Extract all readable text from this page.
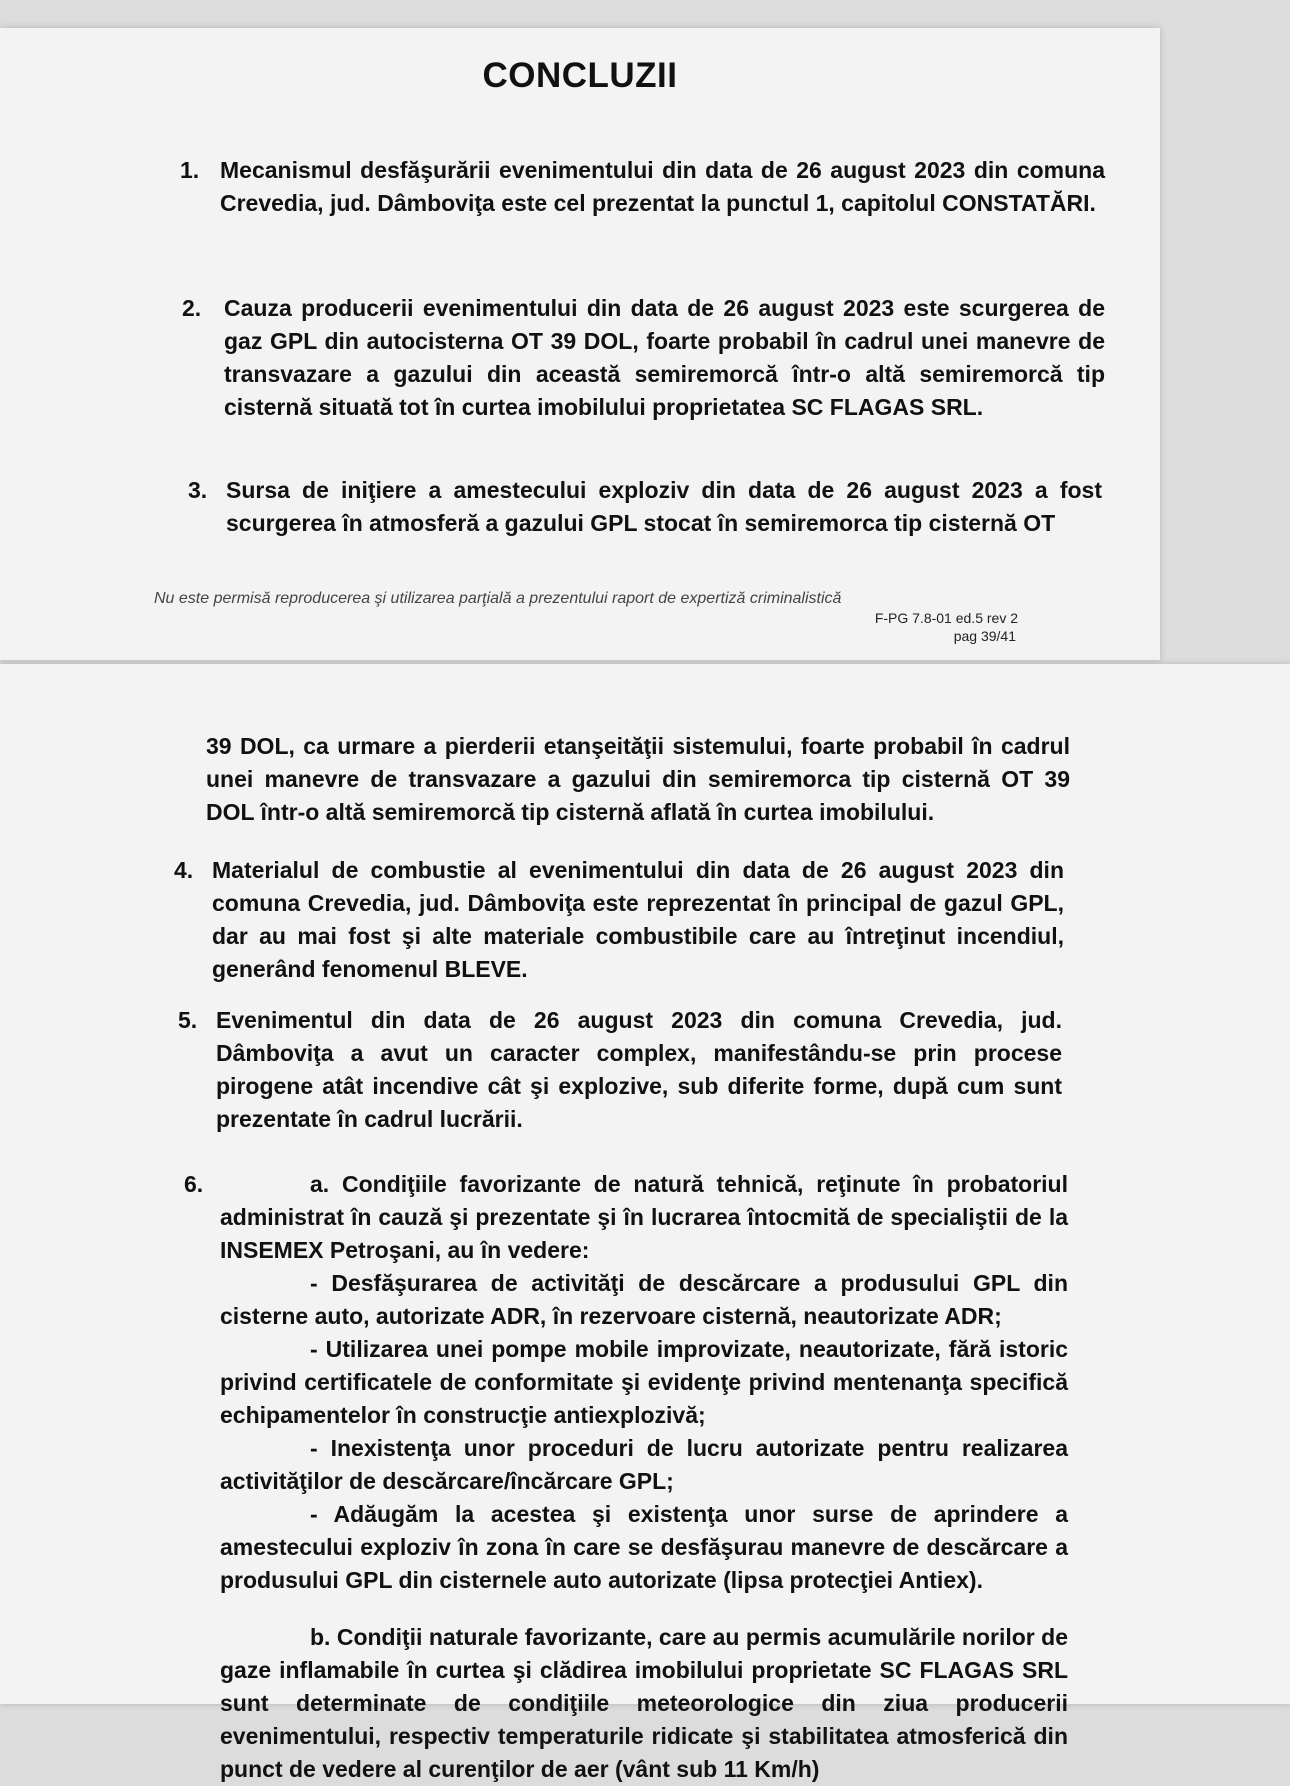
CONCLUZII
1. Mecanismul desfăşurării evenimentului din data de 26 august 2023 din comuna Crevedia, jud. Dâmboviţa este cel prezentat la punctul 1, capitolul CONSTATĂRI.
2. Cauza producerii evenimentului din data de 26 august 2023 este scurgerea de gaz GPL din autocisterna OT 39 DOL, foarte probabil în cadrul unei manevre de transvazare a gazului din această semiremorcă într-o altă semiremorcă tip cisternă situată tot în curtea imobilului proprietatea SC FLAGAS SRL.
3. Sursa de iniţiere a amestecului exploziv din data de 26 august 2023 a fost scurgerea în atmosferă a gazului GPL stocat în semiremorca tip cisternă OT
Nu este permisă reproducerea şi utilizarea parţială a prezentului raport de expertiză criminalistică
F-PG 7.8-01 ed.5 rev 2
pag 39/41
39 DOL, ca urmare a pierderii etanşeităţii sistemului, foarte probabil în cadrul unei manevre de transvazare a gazului din semiremorca tip cisternă OT 39 DOL într-o altă semiremorcă tip cisternă aflată în curtea imobilului.
4. Materialul de combustie al evenimentului din data de 26 august 2023 din comuna Crevedia, jud. Dâmboviţa este reprezentat în principal de gazul GPL, dar au mai fost şi alte materiale combustibile care au întreţinut incendiul, generând fenomenul BLEVE.
5. Evenimentul din data de 26 august 2023 din comuna Crevedia, jud. Dâmboviţa a avut un caracter complex, manifestându-se prin procese pirogene atât incendive cât şi explozive, sub diferite forme, după cum sunt prezentate în cadrul lucrării.
6.	a. Condiţiile favorizante de natură tehnică, reţinute în probatoriul administrat în cauză şi prezentate şi în lucrarea întocmită de specialiştii de la INSEMEX Petroşani, au în vedere:

- Desfăşurarea de activităţi de descărcare a produsului GPL din cisterne auto, autorizate ADR, în rezervoare cisternă, neautorizate ADR;

- Utilizarea unei pompe mobile improvizate, neautorizate, fără istoric privind certificatele de conformitate şi evidenţe privind mentenanţa specifică echipamentelor în construcţie antiexplozivă;

- Inexistenţa unor proceduri de lucru autorizate pentru realizarea activităţilor de descărcare/încărcare GPL;

- Adăugăm la acestea şi existenţa unor surse de aprindere a amestecului exploziv în zona în care se desfăşurau manevre de descărcare a produsului GPL din cisternele auto autorizate (lipsa protecţiei Antiex).

b. Condiţii naturale favorizante, care au permis acumulările norilor de gaze inflamabile în curtea şi clădirea imobilului proprietate SC FLAGAS SRL sunt determinate de condiţiile meteorologice din ziua producerii evenimentului, respectiv temperaturile ridicate şi stabilitatea atmosferică din punct de vedere al curenţilor de aer (vânt sub 11 Km/h)
